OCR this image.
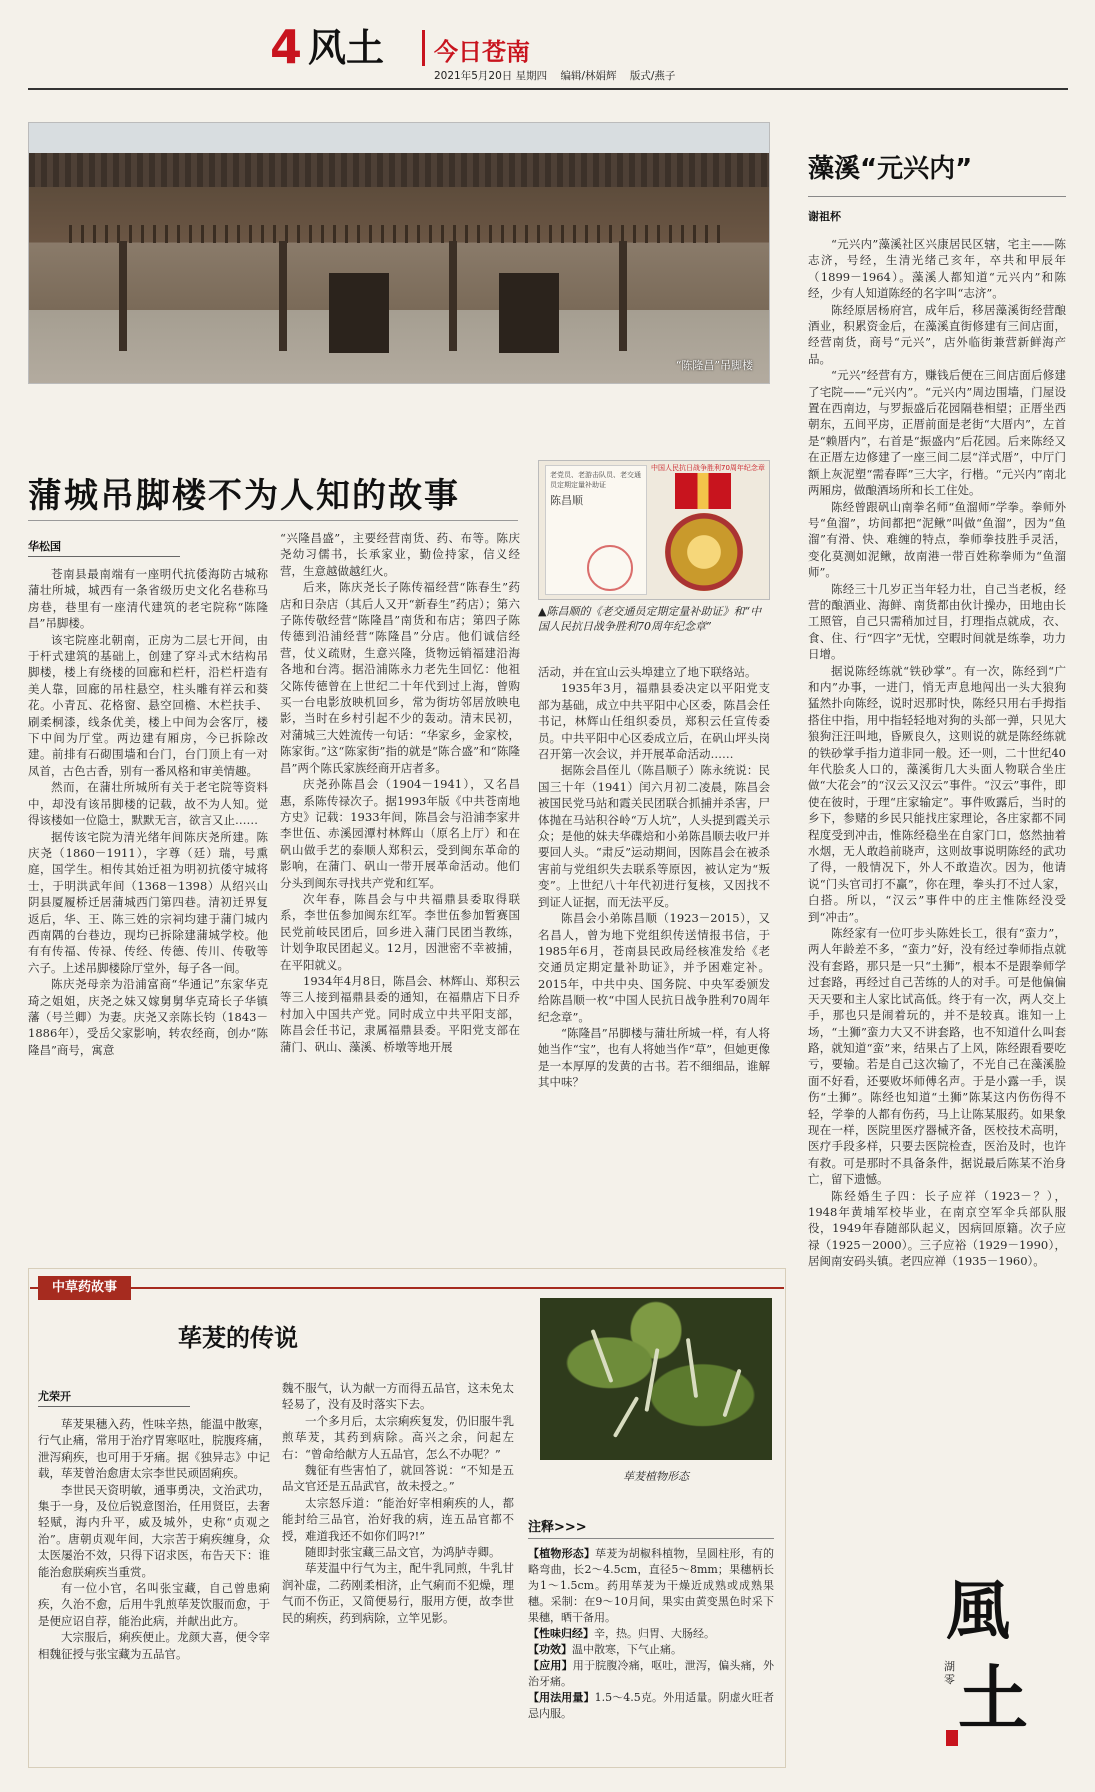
4 风土 今日苍南
2021年5月20日 星期四 编辑/林娟辉 版式/燕子
“陈隆昌”吊脚楼
蒲城吊脚楼不为人知的故事
华松国

苍南县最南端有一座明代抗倭海防古城称蒲壮所城，城西有一条省级历史文化名巷称马房巷，巷里有一座清代建筑的老宅院称“陈隆昌”吊脚楼。

该宅院座北朝南，正房为二层七开间，由于杆式建筑的基础上，创建了穿斗式木结构吊脚楼，楼上有绕楼的回廊和栏杆，沿栏杆造有美人靠，回廊的吊柱悬空，柱头雕有祥云和葵花。小青瓦、花格窗、悬空回檐、木栏扶手、刷柔桐漆，线条优美，楼上中间为会客厅，楼下中间为厅堂。两边建有厢房，今已拆除改建。前排有石砌围墙和台门，台门顶上有一对凤首，古色古香，别有一番风格和审美情趣。

然而，在蒲壮所城所有关于老宅院等资料中，却没有该吊脚楼的记载，故不为人知。觉得该楼如一位隐士，默默无言，欲言又止……

据传该宅院为清光绪年间陈庆尧所建。陈庆尧（1860－1911），字尊（廷）瑞，号熏庭，国学生。相传其始迁祖为明初抗倭守城将士，于明洪武年间（1368－1398）从绍兴山阴县厦履桥迁居蒲城西门第四巷。清初迁界复返后，华、王、陈三姓的宗祠均建于蒲门城内西南隅的台巷边，现均已拆除建蒲城学校。他有有传福、传禄、传经、传德、传川、传敬等六子。上述吊脚楼除厅堂外，每子各一间。

陈庆尧母亲为沿浦富商“华通记”东家华克琦之姐姐，庆尧之妹又嫁舅舅华克琦长子华镇藩（号兰卿）为妻。庆尧又亲陈长钧（1843－1886年），受岳父家影响，转农经商，创办“陈隆昌”商号，寓意

“兴隆昌盛”，主要经营南货、药、布等。陈庆尧幼习儒书，长承家业，勤俭持家，信义经营，生意越做越红火。

后来，陈庆尧长子陈传福经营“陈春生”药店和日杂店（其后人又开“新春生”药店）；第六子陈传敬经营“陈隆昌”南货和布店；第四子陈传德到沿浦经营“陈隆昌”分店。他们诚信经营，仗义疏财，生意兴隆，货物远销福建沿海各地和台湾。据沿浦陈永力老先生回忆：他祖父陈传德曾在上世纪二十年代到过上海，曾购买一台电影放映机回乡，常为街坊邻居放映电影，当时在乡村引起不少的轰动。清末民初，对蒲城三大姓流传一句话：“华家乡，金家校，陈家街。”这“陈家街”指的就是“陈合盛”和“陈隆昌”两个陈氏家族经商开店者多。

庆尧孙陈昌会（1904－1941），又名昌惠，系陈传禄次子。据1993年版《中共苍南地方史》记载：1933年间，陈昌会与沿浦李家井李世伍、赤溪园潭村林辉山（原名上厅）和在矾山做手艺的泰顺人郑积云，受到闽东革命的影响，在蒲门、矾山一带开展革命活动。他们分头到闽东寻找共产党和红军。

次年春，陈昌会与中共福鼎县委取得联系，李世伍参加闽东红军。李世伍参加暂赛国民党前岐民团后，回乡进入蒲门民团当教练，计划争取民团起义。12月，因泄密不幸被捕，在平阳就义。

1934年4月8日，陈昌会、林辉山、郑积云等三人接到福鼎县委的通知，在福鼎店下日乔村加入中国共产党。同时成立中共平阳支部，陈昌会任书记，隶属福鼎县委。平阳党支部在蒲门、矾山、藻溪、桥墩等地开展

老党员、老游击队员、老交通员定期定量补助证
陈昌顺
中国人民抗日战争胜利70周年纪念章
▲陈昌顺的《老交通员定期定量补助证》和“中国人民抗日战争胜利70周年纪念章”

活动，并在宜山云头埠建立了地下联络站。

1935年3月，福鼎县委决定以平阳党支部为基础，成立中共平阳中心区委，陈昌会任书记，林辉山任组织委员，郑积云任宣传委员。中共平阳中心区委成立后，在矾山坪头岗召开第一次会议，并开展革命活动……

据陈会昌侄儿（陈昌顺子）陈永统说：民国三十年（1941）闰六月初二凌晨，陈昌会被国民党马站和霞关民团联合抓捕并杀害，尸体抛在马站积谷岭“万人坑”，人头提到霞关示众；是他的妹夫华碟焙和小弟陈昌顺去收尸并要回人头。“肃反”运动期间，因陈昌会在被杀害前与党组织失去联系等原因，被认定为“叛变”。上世纪八十年代初进行复核，又因找不到证人证据，而无法平反。

陈昌会小弟陈昌顺（1923－2015），又名昌人，曾为地下党组织传送情报书信，于1985年6月，苍南县民政局经核准发给《老交通员定期定量补助证》，并予困难定补。2015年，中共中央、国务院、中央军委颁发给陈昌顺一枚“中国人民抗日战争胜利70周年纪念章”。

“陈隆昌”吊脚楼与蒲壮所城一样，有人将她当作“宝”，也有人将她当作“草”，但她更像是一本厚厚的发黄的古书。若不细细品，谁解其中味？

藻溪“元兴内”
谢祖杯

“元兴内”藻溪社区兴康居民区辖，宅主——陈志济，号经，生清光绪己亥年，卒共和甲辰年（1899－1964）。藻溪人都知道“元兴内”和陈经，少有人知道陈经的名字叫“志济”。

陈经原居杨府宫，成年后，移居藻溪街经营酿酒业，积累资金后，在藻溪直街修建有三间店面，经营南货，商号“元兴”，店外临街兼营新鲜海产品。

“元兴”经营有方，赚钱后便在三间店面后修建了宅院——“元兴内”。“元兴内”周边围墙，门屋设置在西南边，与罗振盛后花园隔巷相望；正厝坐西朝东，五间平房，正厝前面是老街“大厝内”，左首是“赖厝内”，右首是“振盛内”后花园。后来陈经又在正厝左边修建了一座三间二层“洋式厝”，中厅门额上灰泥塑“需春晖”三大字，行楷。“元兴内”南北两厢房，做酿酒场所和长工住处。

陈经曾跟矾山南拳名师“鱼溜师”学拳。拳师外号“鱼溜”，坊间都把“泥鳅”叫做“鱼溜”，因为“鱼溜”有滑、快、难缠的特点，拳师拳技胜手灵活，变化莫测如泥鳅，故南港一带百姓称拳师为“鱼溜师”。

陈经三十几岁正当年轻力壮，自己当老板，经营的酿酒业、海鲜、南货都由伙计操办，田地由长工照管，自己只需稍加过目，打理指点就成，衣、食、住、行“四字”无忧，空暇时间就是练拳，功力日增。

据说陈经练就“铁砂掌”。有一次，陈经到“广和内”办事，一进门，悄无声息地闯出一头大狼狗猛然扑向陈经，说时迟那时快，陈经只用右手拇指搭住中指，用中指轻轻地对狗的头部一弹，只见大狼狗汪汪叫地，昏厥良久，这则说的就是陈经练就的铁砂掌手指力道非同一般。还一则，二十世纪40年代脍炙人口的，藻溪街几大头面人物联合坐庄做“大花会”的“汉云又汉云”事件。“汉云”事件，即使在彼时，于理“庄家输定”。事件败露后，当时的乡下，参赌的乡民只能找庄家理论，各庄家都不同程度受到冲击，惟陈经稳坐在自家门口，悠然抽着水烟，无人敢趋前晓声，这则故事说明陈经的武功了得，一般情况下，外人不敢造次。因为，他请说“门头官司打不赢”，你在理，拳头打不过人家，白搭。所以，“汉云”事件中的庄主惟陈经没受到“冲击”。

陈经家有一位叮步头陈姓长工，很有“蛮力”，两人年龄差不多，“蛮力”好，没有经过拳师指点就没有套路，那只是一只“土狮”，根本不是跟拳师学过套路，再经过自己苦练的人的对手。可是他偏偏天天要和主人家比试高低。终于有一次，两人交上手，那也只是闹着玩的，并不是较真。谁知一上场，“土狮”蛮力大又不讲套路，也不知道什么叫套路，就知道“蛮”来，结果占了上风，陈经跟看要吃亏，要输。若是自己这次输了，不光自己在藻溪脸面不好看，还要败坏师傅名声。于是小露一手，误伤“土狮”。陈经也知道“土狮”陈某这内伤伤得不轻，学拳的人都有伤药，马上让陈某服药。如果象现在一样，医院里医疗器械齐备，医校技术高明，医疗手段多样，只要去医院检查，医治及时，也许有救。可是那时不具备条件，据说最后陈某不治身亡，留下遗憾。

陈经婚生子四：长子应祥（1923－？），1948年黄埔军校毕业，在南京空军伞兵部队服役，1949年春随部队起义，因病回原籍。次子应禄（1925－2000）。三子应裕（1929－1990），居闽南安码头镇。老四应禅（1935－1960）。

中草药故事
荜茇的传说
尤荣开

荜茇果穗入药，性味辛热，能温中散寒，行气止痛，常用于治疗胃寒呕吐，脘腹疼痛，泄泻痢疾，也可用于牙痛。据《独异志》中记载，荜茇曾治愈唐太宗李世民顽固痢疾。

李世民天资明敏，通事勇决，文治武功，集于一身，及位后锐意图治，任用贤臣，去奢轻赋，海内升平，威及城外，史称“贞观之治”。唐朝贞观年间，大宗苦于痢疾缠身，众太医屡治不效，只得下诏求医，布告天下：谁能治愈朕痢疾当重赏。

有一位小官，名叫张宝藏，自己曾患痢疾，久治不愈，后用牛乳煎荜茇饮服而愈，于是便应诏自荐，能治此病，并献出此方。

大宗服后，痢疾便止。龙颜大喜，便令宰相魏征授与张宝藏为五品官。

魏不服气，认为献一方而得五品官，这未免太轻易了，没有及时落实下去。

一个多月后，太宗痢疾复发，仍旧服牛乳煎荜茇，其药到病除。高兴之余，问起左右：“曾命给献方人五品官，怎么不办呢？”

魏征有些害怕了，就回答说：“不知是五品文官还是五品武官，故未授之。”

太宗怒斥道：“能治好宰相痢疾的人，都能封给三品官，治好我的病，连五品官都不授，难道我还不如你们吗?!”

随即封张宝藏三品文官，为鸿胪寺卿。

荜茇温中行气为主，配牛乳同煎，牛乳甘润补虚，二药刚柔相济，止气痢而不犯燥，理气而不伤正，又简便易行，服用方便，故李世民的痢疾，药到病除，立竿见影。

荜茇植物形态
注释>>>
【植物形态】荜茇为胡椒科植物，呈圆柱形，有的略弯曲，长2～4.5cm，直径5～8mm；果穗柄长为1～1.5cm。药用荜茇为干燥近成熟或成熟果穗。采制：在9～10月间，果实由黄变黑色时采下果穗，晒干备用。
【性味归经】辛，热。归胃、大肠经。
【功效】温中散寒，下气止痛。
【应用】用于脘腹冷痛，呕吐，泄泻，偏头痛，外治牙痛。
【用法用量】1.5～4.5克。外用适量。阴虚火旺者忌内服。
風
湖零 土
